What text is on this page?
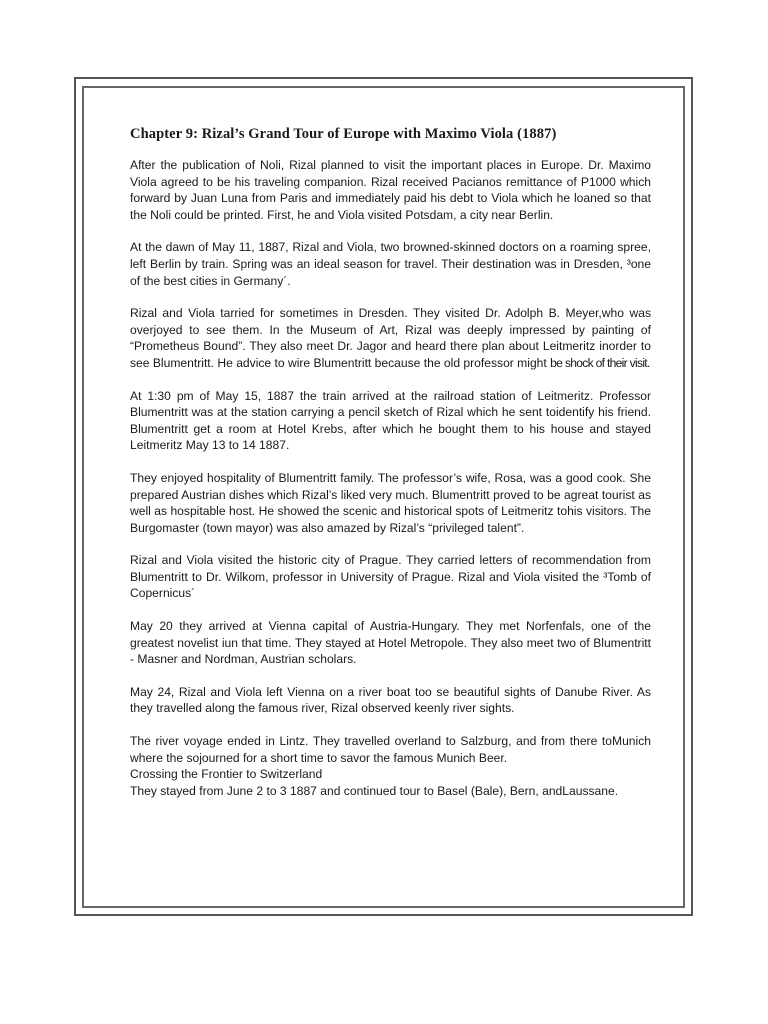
Chapter 9: Rizal’s Grand Tour of Europe with Maximo Viola (1887)

After the publication of Noli, Rizal planned to visit the important places in Europe. Dr. Maximo Viola agreed to be his traveling companion. Rizal received Pacianos remittance of P1000 which forward by Juan Luna from Paris and immediately paid his debt to Viola which he loaned so that the Noli could be printed. First, he and Viola visited Potsdam, a city near Berlin.

At the dawn of May 11, 1887, Rizal and Viola, two browned-skinned doctors on a roaming spree, left Berlin by train. Spring was an ideal season for travel. Their destination was in Dresden, ³one of the best cities in Germany´.

Rizal and Viola tarried for sometimes in Dresden. They visited Dr. Adolph B. Meyer,who was overjoyed to see them. In the Museum of Art, Rizal was deeply impressed by painting of “Prometheus Bound”. They also meet Dr. Jagor and heard there plan about Leitmeritz inorder to see Blumentritt. He advice to wire Blumentritt because the old professor might be shock of their visit.

At 1:30 pm of May 15, 1887 the train arrived at the railroad station of Leitmeritz. Professor Blumentritt was at the station carrying a pencil sketch of Rizal which he sent toidentify his friend. Blumentritt get a room at Hotel Krebs, after which he bought them to his house and stayed Leitmeritz May 13 to 14 1887.

They enjoyed hospitality of Blumentritt family. The professor’s wife, Rosa, was a good cook. She prepared Austrian dishes which Rizal’s liked very much. Blumentritt proved to be agreat tourist as well as hospitable host. He showed the scenic and historical spots of Leitmeritz tohis visitors. The Burgomaster (town mayor) was also amazed by Rizal’s “privileged talent”.

Rizal and Viola visited the historic city of Prague. They carried letters of recommendation from Blumentritt to Dr. Wilkom, professor in University of Prague. Rizal and Viola visited the ³Tomb of Copernicus´

May 20 they arrived at Vienna capital of Austria-Hungary. They met Norfenfals, one of the greatest novelist iun that time. They stayed at Hotel Metropole. They also meet two of Blumentritt - Masner and Nordman, Austrian scholars.

May 24, Rizal and Viola left Vienna on a river boat too se beautiful sights of Danube River. As they travelled along the famous river, Rizal observed keenly river sights.

The river voyage ended in Lintz. They travelled overland to Salzburg, and from there toMunich where the sojourned for a short time to savor the famous Munich Beer.
Crossing the Frontier to Switzerland
They stayed from June 2 to 3 1887 and continued tour to Basel (Bale), Bern, andLaussane.
